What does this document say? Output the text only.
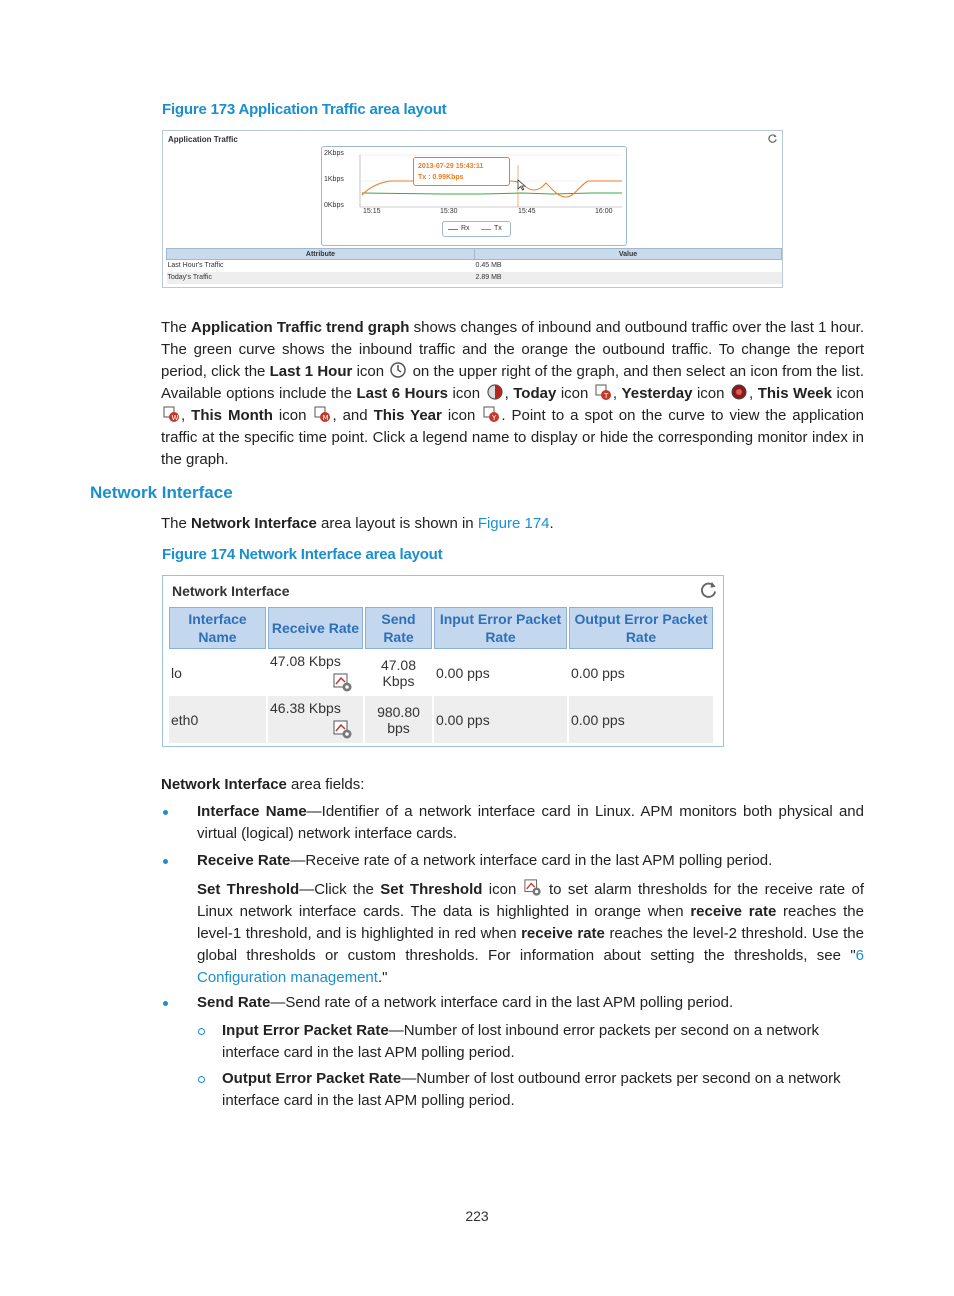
Figure 173 Application Traffic area layout
Application Traffic
2Kbps
1Kbps
0Kbps
15:15	15:30	15:45	16:00
2013-07-29 15:43:11
Tx : 0.99Kbps
Rx	Tx
Attribute	Value
Last Hour's Traffic	0.45 MB
Today's Traffic	2.89 MB
The Application Traffic trend graph shows changes of inbound and outbound traffic over the last 1 hour. The green curve shows the inbound traffic and the orange the outbound traffic. To change the report period, click the Last 1 Hour icon  on the upper right of the graph, and then select an icon from the list. Available options include the Last 6 Hours icon , Today icon T , Yesterday icon , This Week icon
W , This Month icon M , and This Year icon Y . Point to a spot on the curve to view the application traffic at the specific time point. Click a legend name to display or hide the corresponding monitor index in the graph.
Network Interface
The Network Interface area layout is shown in Figure 174.
Figure 174 Network Interface area layout
Network Interface
Interface Name	Receive Rate	Send Rate	Input Error Packet Rate	Output Error Packet Rate
lo	47.08 Kbps	47.08 Kbps	0.00 pps	0.00 pps
eth0	46.38 Kbps	980.80 bps	0.00 pps	0.00 pps
Network Interface area fields:
Interface Name—Identifier of a network interface card in Linux. APM monitors both physical and virtual (logical) network interface cards.
Receive Rate—Receive rate of a network interface card in the last APM polling period.
Set Threshold—Click the Set Threshold icon  to set alarm thresholds for the receive rate of Linux network interface cards. The data is highlighted in orange when receive rate reaches the level-1 threshold, and is highlighted in red when receive rate reaches the level-2 threshold. Use the global thresholds or custom thresholds. For information about setting the thresholds, see "6 Configuration management."
Send Rate—Send rate of a network interface card in the last APM polling period.
Input Error Packet Rate—Number of lost inbound error packets per second on a network interface card in the last APM polling period.
Output Error Packet Rate—Number of lost outbound error packets per second on a network interface card in the last APM polling period.
223
